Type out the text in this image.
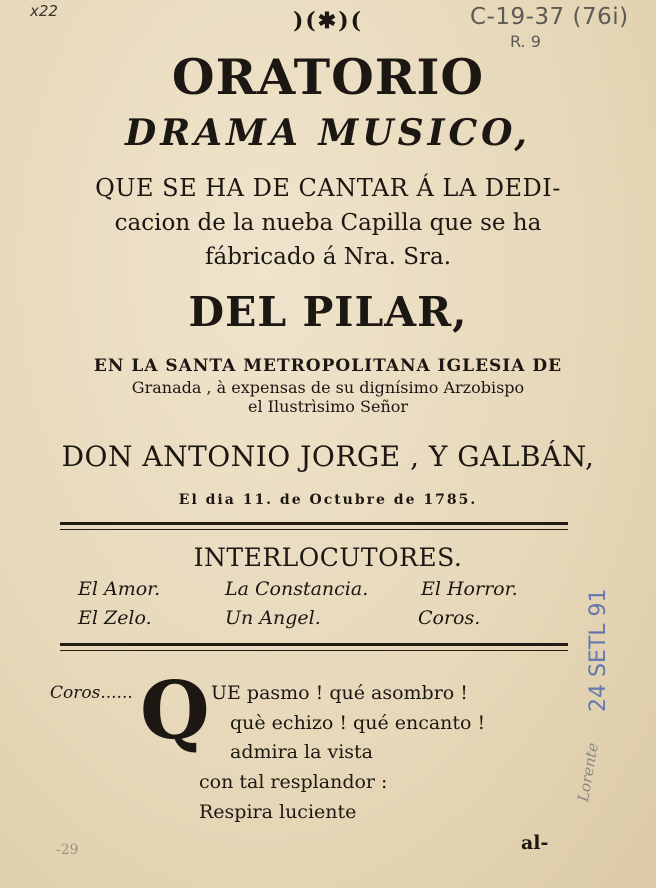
x22	C-19-37 (76i)
R. 9
)(✱)(
ORATORIO
DRAMA MUSICO,
QUE SE HA DE CANTAR Á LA DEDI-
cacion de la nueba Capilla que se ha
fábricado á Nra. Sra.
DEL PILAR,
EN LA SANTA METROPOLITANA IGLESIA DE
Granada , à expensas de su dignísimo Arzobispo
el Ilustrìsimo Señor
DON ANTONIO JORGE , Y GALBÁN,
El dia 11. de Octubre de 1785.
INTERLOCUTORES.
El Amor.	La Constancia.	El Horror.
El Zelo.	Un Angel.	Coros.
Coros...... Q UE pasmo ! qué asombro !
què echizo ! qué encanto !
admira la vista
con tal resplandor :
Respira luciente
al-
24 SETL 91
Lorente
-29
